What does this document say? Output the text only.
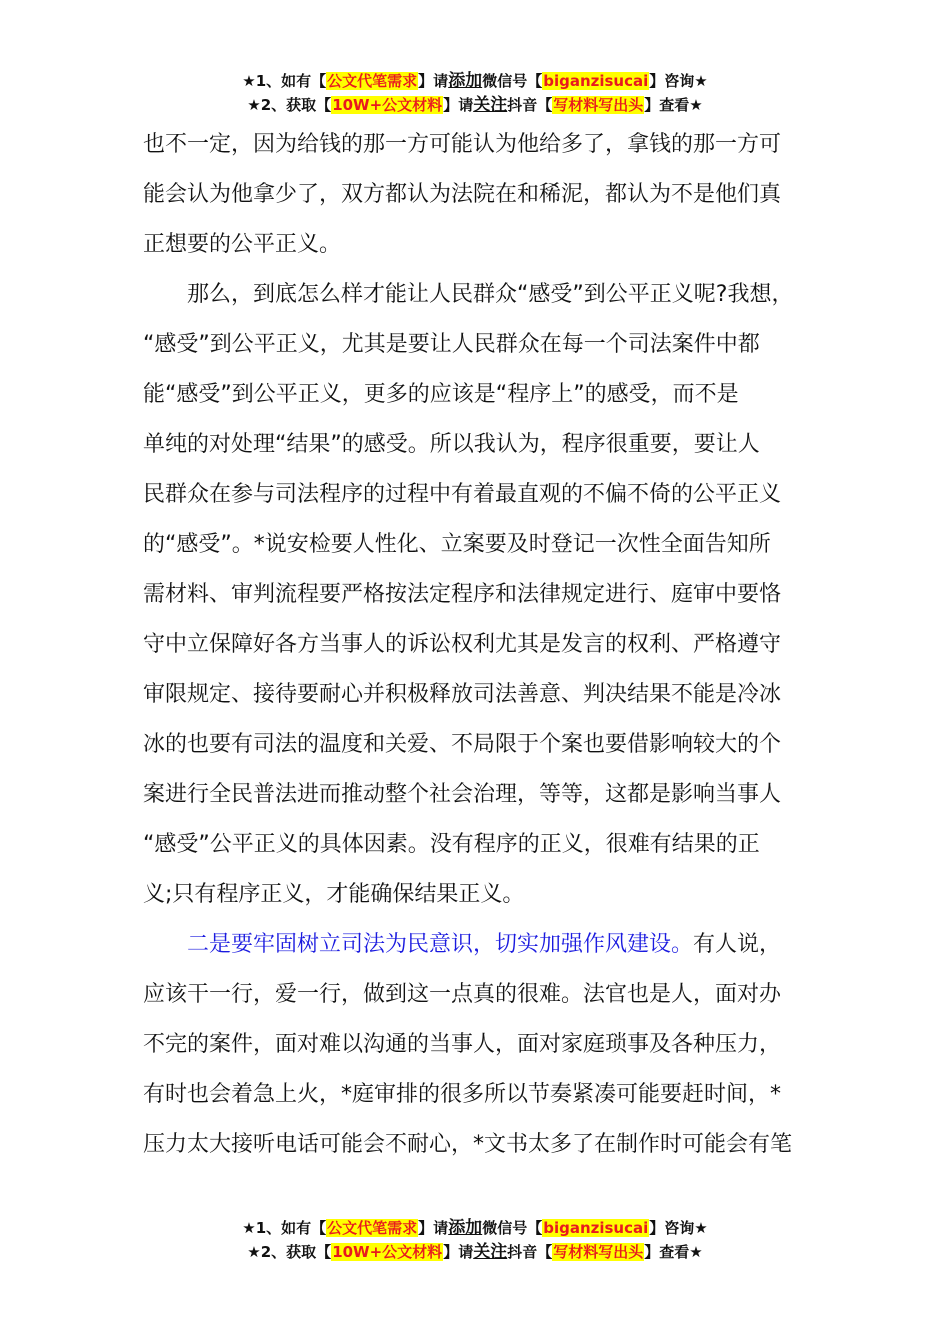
★1、如有【公文代笔需求】请添加微信号【biganzisucai】咨询★
★2、获取【10W+公文材料】请关注抖音【写材料写出头】查看★
也不一定，因为给钱的那一方可能认为他给多了，拿钱的那一方可
能会认为他拿少了，双方都认为法院在和稀泥，都认为不是他们真
正想要的公平正义。
那么，到底怎么样才能让人民群众“感受”到公平正义呢?我想，
“感受”到公平正义，尤其是要让人民群众在每一个司法案件中都
能“感受”到公平正义，更多的应该是“程序上”的感受，而不是
单纯的对处理“结果”的感受。所以我认为，程序很重要，要让人
民群众在参与司法程序的过程中有着最直观的不偏不倚的公平正义
的“感受”。*说安检要人性化、立案要及时登记一次性全面告知所
需材料、审判流程要严格按法定程序和法律规定进行、庭审中要恪
守中立保障好各方当事人的诉讼权利尤其是发言的权利、严格遵守
审限规定、接待要耐心并积极释放司法善意、判决结果不能是冷冰
冰的也要有司法的温度和关爱、不局限于个案也要借影响较大的个
案进行全民普法进而推动整个社会治理，等等，这都是影响当事人
“感受”公平正义的具体因素。没有程序的正义，很难有结果的正
义;只有程序正义，才能确保结果正义。
二是要牢固树立司法为民意识，切实加强作风建设。有人说，
应该干一行，爱一行，做到这一点真的很难。法官也是人，面对办
不完的案件，面对难以沟通的当事人，面对家庭琐事及各种压力，
有时也会着急上火，*庭审排的很多所以节奏紧凑可能要赶时间，*
压力太大接听电话可能会不耐心，*文书太多了在制作时可能会有笔
★1、如有【公文代笔需求】请添加微信号【biganzisucai】咨询★
★2、获取【10W+公文材料】请关注抖音【写材料写出头】查看★
